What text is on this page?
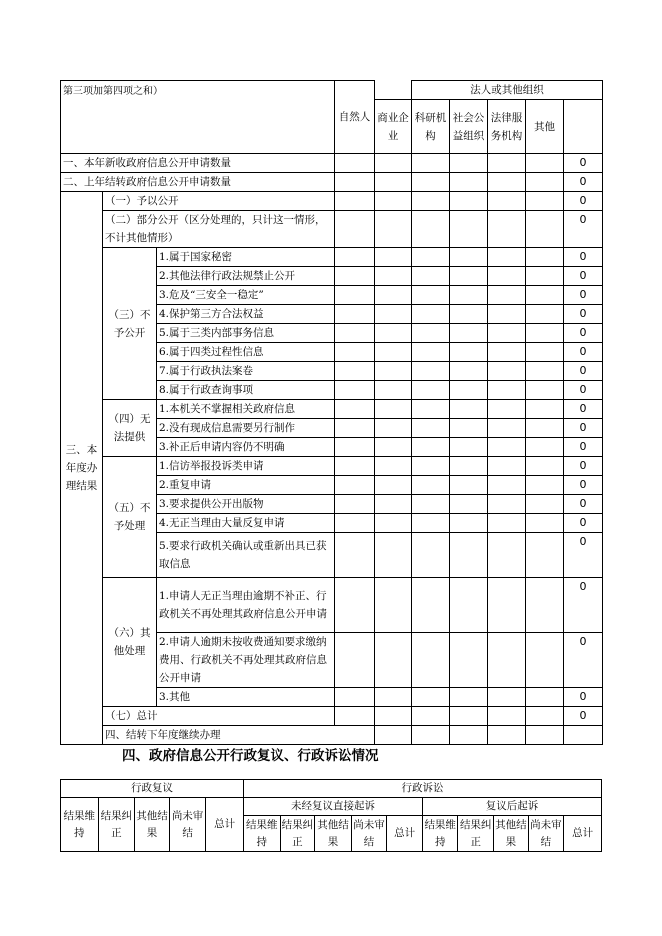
第三项加第四项之和）			自然人		法人或其他组织	
				商业企业	科研机构	社会公益组织	法律服务机构	其他		

一、本年新收政府信息公开申请数量									0	
二、上年结转政府信息公开申请数量									0	
三、本年度办理结果	（一）予以公开								0	
	（二）部分公开（区分处理的，只计这一情形，不计其他情形）								0	
	（三）不予公开	1.属于国家秘密							0	
		2.其他法律行政法规禁止公开							0	
		3.危及“三安全一稳定”							0	
		4.保护第三方合法权益							0	
		5.属于三类内部事务信息							0	
		6.属于四类过程性信息							0	
		7.属于行政执法案卷							0	
		8.属于行政查询事项							0	
	（四）无法提供	1.本机关不掌握相关政府信息							0	
		2.没有现成信息需要另行制作							0	
		3.补正后申请内容仍不明确							0	
	（五）不予处理	1.信访举报投诉类申请							0	
		2.重复申请							0	
		3.要求提供公开出版物							0	
		4.无正当理由大量反复申请							0	
		5.要求行政机关确认或重新出具已获取信息							0	
	（六）其他处理	1.申请人无正当理由逾期不补正、行政机关不再处理其政府信息公开申请							0	
		2.申请人逾期未按收费通知要求缴纳费用、行政机关不再处理其政府信息公开申请							0	
		3.其他							0	
	（七）总计								0	
	四、结转下年度继续办理							
四、政府信息公开行政复议、行政诉讼情况
行政复议					行政诉讼									
结果维持	结果纠正	其他结果	尚未审结	总计	未经复议直接起诉					复议后起诉				
					结果维持	结果纠正	其他结果	尚未审结	总计	结果维持	结果纠正	其他结果	尚未审结	总计
